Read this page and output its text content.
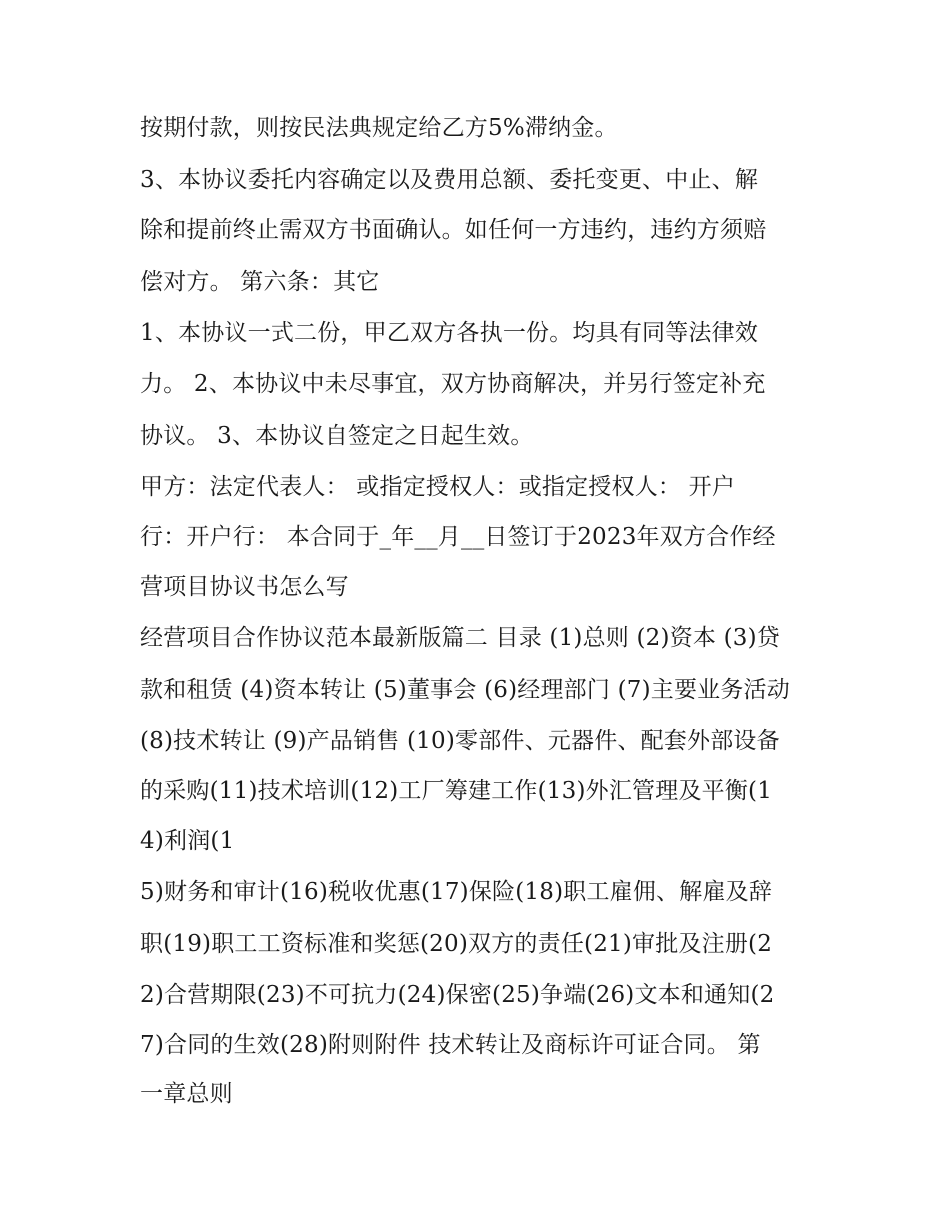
按期付款，则按民法典规定给乙方5%滞纳金。
3、本协议委托内容确定以及费用总额、委托变更、中止、解
除和提前终止需双方书面确认。如任何一方违约，违约方须赔
偿对方。 第六条：其它
1、本协议一式二份，甲乙双方各执一份。均具有同等法律效
力。 2、本协议中未尽事宜，双方协商解决，并另行签定补充
协议。 3、本协议自签定之日起生效。
甲方：法定代表人： 或指定授权人：或指定授权人： 开户
行：开户行： 本合同于_年__月__日签订于2023年双方合作经
营项目协议书怎么写
经营项目合作协议范本最新版篇二 目录 (1)总则 (2)资本 (3)贷
款和租赁 (4)资本转让 (5)董事会 (6)经理部门 (7)主要业务活动
(8)技术转让 (9)产品销售 (10)零部件、元器件、配套外部设备
的采购(11)技术培训(12)工厂筹建工作(13)外汇管理及平衡(1
4)利润(1
5)财务和审计(16)税收优惠(17)保险(18)职工雇佣、解雇及辞
职(19)职工工资标准和奖惩(20)双方的责任(21)审批及注册(2
2)合营期限(23)不可抗力(24)保密(25)争端(26)文本和通知(2
7)合同的生效(28)附则附件 技术转让及商标许可证合同。 第
一章总则
